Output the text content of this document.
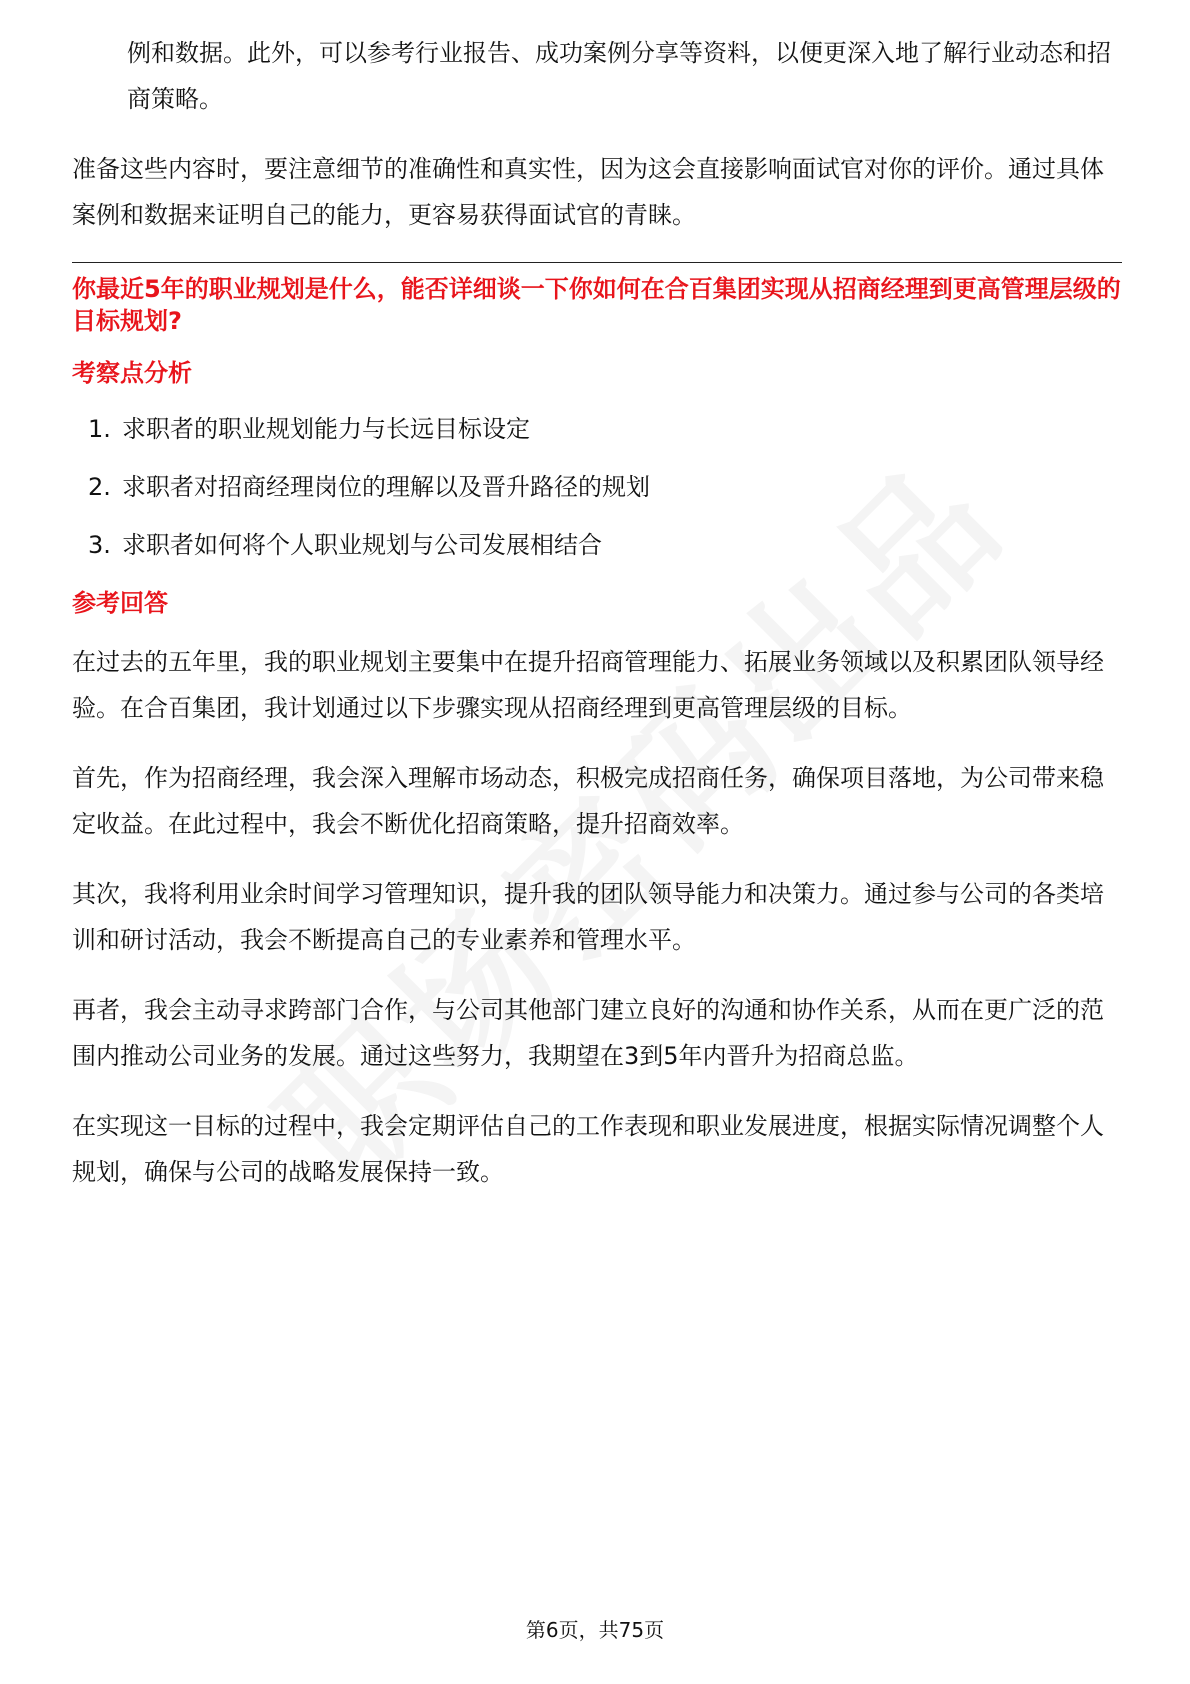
例和数据。此外，可以参考行业报告、成功案例分享等资料，以便更深入地了解行业动态和招商策略。

准备这些内容时，要注意细节的准确性和真实性，因为这会直接影响面试官对你的评价。通过具体案例和数据来证明自己的能力，更容易获得面试官的青睐。

你最近5年的职业规划是什么，能否详细谈一下你如何在合百集团实现从招商经理到更高管理层级的目标规划?
考察点分析
1. 求职者的职业规划能力与长远目标设定
2. 求职者对招商经理岗位的理解以及晋升路径的规划
3. 求职者如何将个人职业规划与公司发展相结合
参考回答

在过去的五年里，我的职业规划主要集中在提升招商管理能力、拓展业务领域以及积累团队领导经验。在合百集团，我计划通过以下步骤实现从招商经理到更高管理层级的目标。

首先，作为招商经理，我会深入理解市场动态，积极完成招商任务，确保项目落地，为公司带来稳定收益。在此过程中，我会不断优化招商策略，提升招商效率。

其次，我将利用业余时间学习管理知识，提升我的团队领导能力和决策力。通过参与公司的各类培训和研讨活动，我会不断提高自己的专业素养和管理水平。

再者，我会主动寻求跨部门合作，与公司其他部门建立良好的沟通和协作关系，从而在更广泛的范围内推动公司业务的发展。通过这些努力，我期望在3到5年内晋升为招商总监。

在实现这一目标的过程中，我会定期评估自己的工作表现和职业发展进度，根据实际情况调整个人规划，确保与公司的战略发展保持一致。

第6页，共75页
